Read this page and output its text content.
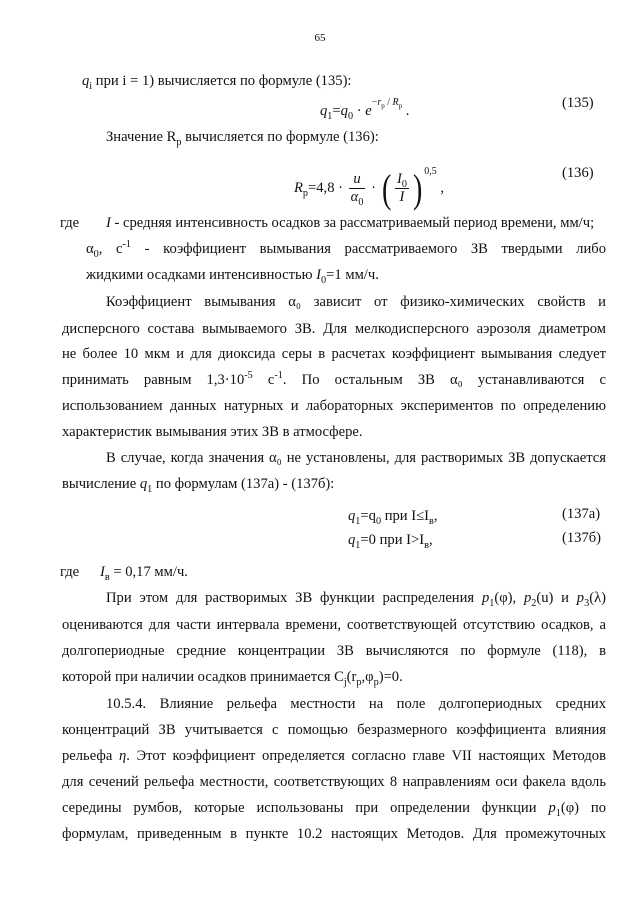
65
$q_i$ при i = 1) вычисляется по формуле (135):
$q_1=q_0 \cdot e^{-r_p / R_p}$ .	(135)
Значение $R_p$ вычисляется по формуле (136):
$R_p=4,8 \cdot \frac{u}{\alpha_0}$ · ( $\frac{I_0}{I}$ ) $^{0,5}$ ,
(136)
где I - средняя интенсивность осадков за рассматриваемый период времени, мм/ч;
$\alpha_0$, $с^{-1}$ - коэффициент вымывания рассматриваемого ЗВ твердыми либо
жидкими осадками интенсивностью $I_0=1$ мм/ч.
Коэффициент вымывания α₀ зависит от физико-химических свойств и
дисперсного состава вымываемого ЗВ. Для мелкодисперсного аэрозоля диаметром
не более 10 мкм и для диоксида серы в расчетах коэффициент вымывания следует
принимать равным $1,3\cdot 10^{-5}$ $с^{-1}$. По остальным ЗВ α₀ устанавливаются с
использованием данных натурных и лабораторных экспериментов по определению
характеристик вымывания этих ЗВ в атмосфере.
В случае, когда значения α₀ не установлены, для растворимых ЗВ допускается
вычисление $q_1$ по формулам (137а) - (137б):
$q_1=q_0$ при $I\le I_в$,	(137а)
$q_1=0$ при $I>I_в$,	(137б)
где $I_в = 0,17$ мм/ч.
При этом для растворимых ЗВ функции распределения $p_1(\varphi)$, $p_2(u)$ и $p_3(\lambda)$
оцениваются для части интервала времени, соответствующей отсутствию осадков, а
долгопериодные средние концентрации ЗВ вычисляются по формуле (118), в
которой при наличии осадков принимается $C_j(r_p,\varphi_p)=0$.
10.5.4. Влияние рельефа местности на поле долгопериодных средних
концентраций ЗВ учитывается с помощью безразмерного коэффициента влияния
рельефа η. Этот коэффициент определяется согласно главе VII настоящих Методов
для сечений рельефа местности, соответствующих 8 направлениям оси факела вдоль
середины румбов, которые использованы при определении функции $p_1(\varphi)$ по
формулам, приведенным в пункте 10.2 настоящих Методов. Для промежуточных
